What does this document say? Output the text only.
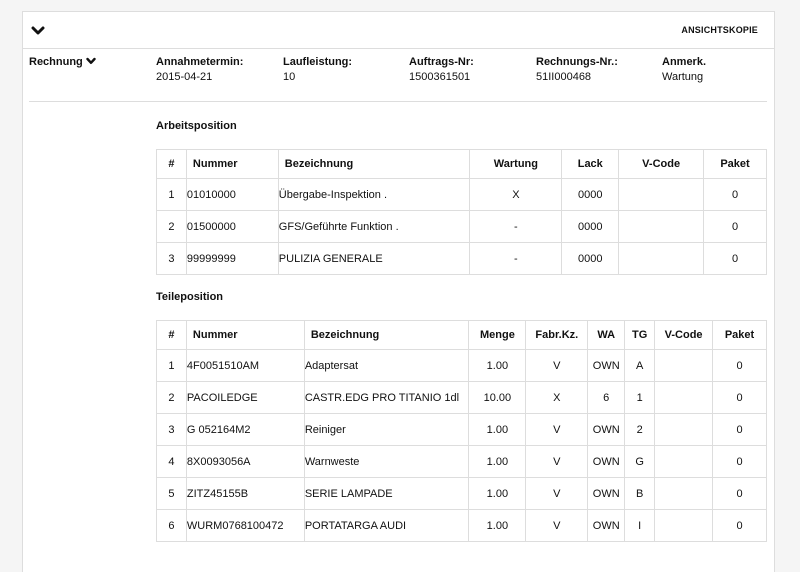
ANSICHTSKOPIE
Rechnung	Annahmetermin:
2015-04-21
Laufleistung:
10
Auftrags-Nr:
1500361501
Rechnungs-Nr.:
51II000468
Anmerk.
Wartung
Arbeitsposition
#	Nummer	Bezeichnung	Wartung	Lack	V-Code	Paket
1	01010000	Übergabe-Inspektion .	X	0000		0
2	01500000	GFS/Geführte Funktion .	-	0000		0
3	99999999	PULIZIA GENERALE	-	0000		0
Teileposition
#	Nummer	Bezeichnung	Menge	Fabr.Kz.	WA	TG	V-Code	Paket
1	4F0051510AM	Adaptersat	1.00	V	OWN	A		0
2	PACOILEDGE	CASTR.EDG PRO TITANIO 1dl	10.00	X	6	1		0
3	G 052164M2	Reiniger	1.00	V	OWN	2		0
4	8X0093056A	Warnweste	1.00	V	OWN	G		0
5	ZITZ45155B	SERIE LAMPADE	1.00	V	OWN	B		0
6	WURM0768100472	PORTATARGA AUDI	1.00	V	OWN	I		0
